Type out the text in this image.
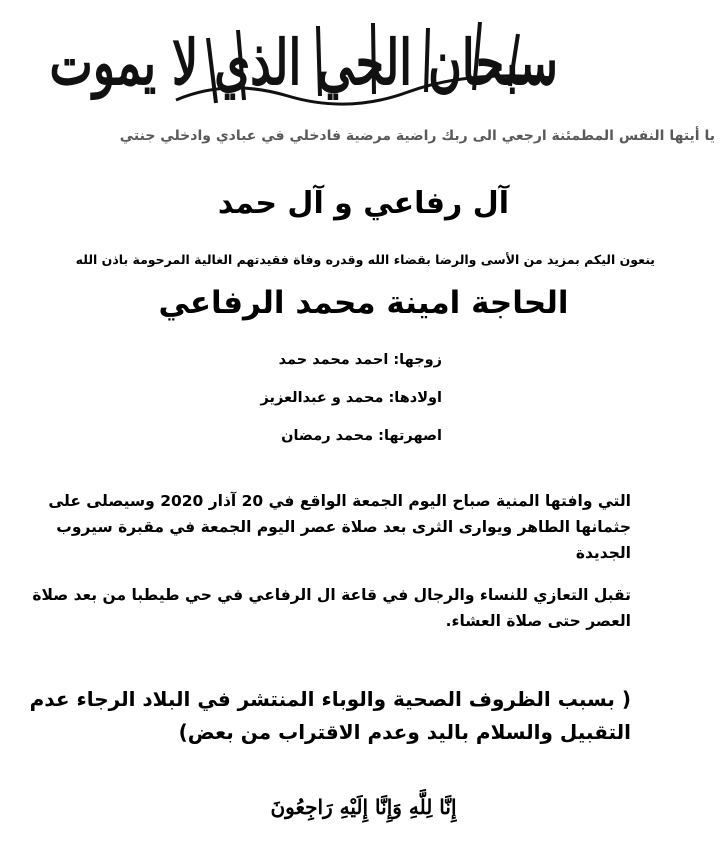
سبحان الحي الذي لا يموت
يا أيتها النفس المطمئنة ارجعي الى ربك راضية مرضية فادخلي في عبادي وادخلي جنتي
آل رفاعي و آل حمد
ينعون اليكم بمزيد من الأسى والرضا بقضاء الله وقدره وفاة فقيدتهم الغالية المرحومة باذن الله
الحاجة امينة محمد الرفاعي
زوجها: احمد محمد حمد
اولادها: محمد و عبدالعزيز
اصهرتها: محمد رمضان
التي وافتها المنية صباح اليوم الجمعة الواقع في 20 آذار 2020 وسيصلى على جثمانها الطاهر ويوارى الثرى بعد صلاة عصر اليوم الجمعة في مقبرة سيروب الجديدة
تقبل التعازي للنساء والرجال في قاعة ال الرفاعي في حي طيطبا من بعد صلاة العصر حتى صلاة العشاء.
( بسبب الظروف الصحية والوباء المنتشر في البلاد الرجاء عدم التقبيل والسلام باليد وعدم الاقتراب من بعض)
إِنَّا لِلَّهِ وَإِنَّا إِلَيْهِ رَاجِعُونَ
